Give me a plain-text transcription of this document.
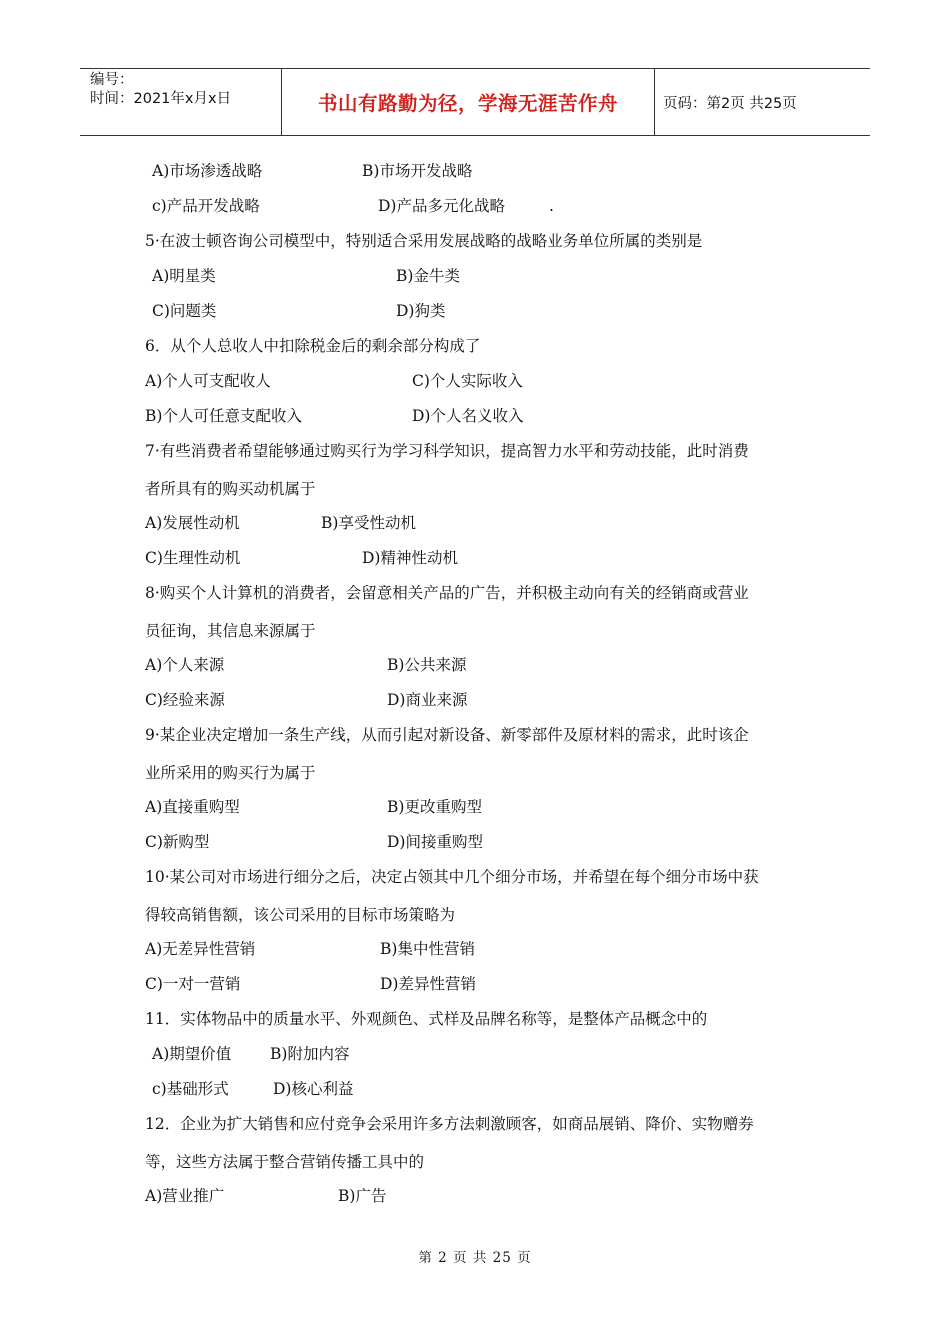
编号：
时间：2021年x月x日	书山有路勤为径，学海无涯苦作舟	页码：第2页 共25页
A)市场渗透战略	B)市场开发战略
c)产品开发战略	D)产品多元化战略	.
5·在波士顿咨询公司模型中，特别适合采用发展战略的战略业务单位所属的类别是
A)明星类	B)金牛类
C)问题类	D)狗类
6．从个人总收人中扣除税金后的剩余部分构成了
A)个人可支配收人	C)个人实际收入
B)个人可任意支配收入	D)个人名义收入
7·有些消费者希望能够通过购买行为学习科学知识，提高智力水平和劳动技能，此时消费
者所具有的购买动机属于
A)发展性动机	B)享受性动机
C)生理性动机	D)精神性动机
8·购买个人计算机的消费者，会留意相关产品的广告，并积极主动向有关的经销商或营业
员征询，其信息来源属于
A)个人来源	B)公共来源
C)经验来源	D)商业来源
9·某企业决定增加一条生产线，从而引起对新设备、新零部件及原材料的需求，此时该企
业所采用的购买行为属于
A)直接重购型	B)更改重购型
C)新购型	D)间接重购型
10·某公司对市场进行细分之后，决定占领其中几个细分市场，并希望在每个细分市场中获
得较高销售额，该公司采用的目标市场策略为
A)无差异性营销	B)集中性营销
C)一对一营销	D)差异性营销
11．实体物品中的质量水平、外观颜色、式样及品牌名称等，是整体产品概念中的
A)期望价值	B)附加内容
c)基础形式	D)核心利益
12．企业为扩大销售和应付竞争会采用许多方法刺激顾客，如商品展销、降价、实物赠券
等，这些方法属于整合营销传播工具中的
A)营业推广	B)广告
第 2 页 共 25 页
